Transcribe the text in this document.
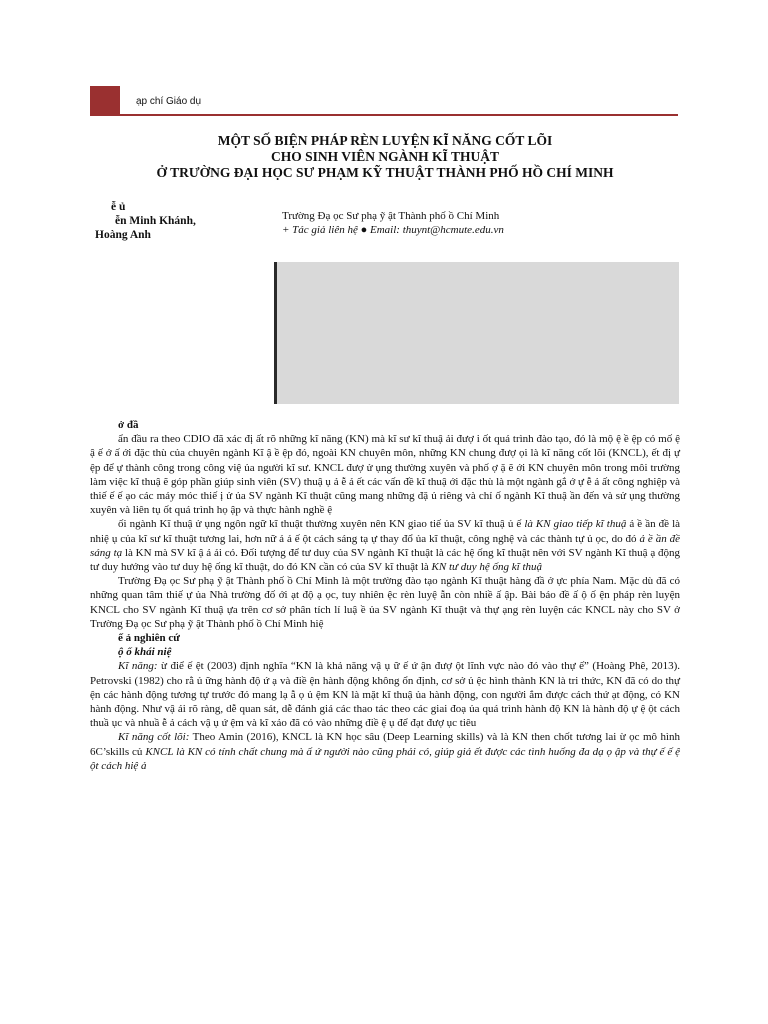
ạp chí Giáo dụ
MỘT SỐ BIỆN PHÁP RÈN LUYỆN KĨ NĂNG CỐT LÕI
CHO SINH VIÊN NGÀNH KĨ THUẬT
Ở TRƯỜNG ĐẠI HỌC SƯ PHẠM KỸ THUẬT THÀNH PHỐ HỒ CHÍ MINH
ễ ủ
ễn Minh Khánh,
Hoàng Anh
Trường Đạ ọc Sư phạ ỹ ật Thành phố ồ Chí Minh
+ Tác giả liên hệ ● Email: thuynt@hcmute.edu.vn

ở đầ

ẩn đầu ra theo CDIO đã xác đị ất rõ những kĩ năng (KN) mà kĩ sư kĩ thuậ ải đượ i ốt quá trình đào tạo, đó là mộ ệ ề ệp có mố ệ ậ ế ớ ấ ới đặc thù của chuyên ngành Kĩ ậ ề ệp đó, ngoài KN chuyên môn, những KN chung đượ ọi là kĩ năng cốt lõi (KNCL), ết đị ự ệp để ự thành công trong công việ ủa người kĩ sư. KNCL đượ ử ụng thường xuyên và phố ợ ặ ẽ ới KN chuyên môn trong môi trường làm việc kĩ thuậ ẽ góp phần giúp sinh viên (SV) thuậ ụ ả ễ ả ết các vấn đề kĩ thuậ ới đặc thù là một ngành gắ ớ ự ễ ả ất công nghiệp và thiế ế ế ạo các máy móc thiế ị ử ủa SV ngành Kĩ thuật cũng mang những đặ ủ riêng và chỉ ố ngành Kĩ thuậ ần đến và sử ụng thường xuyên và liên tụ ốt quá trình họ ập và thực hành nghề ệ

ối ngành Kĩ thuậ ử ụng ngôn ngữ kĩ thuật thường xuyên nên KN giao tiế ủa SV kĩ thuậ ủ ế là KN giao tiếp kĩ thuậ ả ề ần đề là nhiệ ụ của kĩ sư kĩ thuật tương lai, hơn nữ ả ả ế ột cách sáng tạ ự thay đổ ủa kĩ thuật, công nghệ và các thành tự ủ ọc, do đó ả ề ần đề sáng tạ là KN mà SV kĩ ậ ả ải có. Đối tượng để tư duy của SV ngành Kĩ thuật là các hệ ống kĩ thuật nên với SV ngành Kĩ thuậ ạ động tư duy hướng vào tư duy hệ ống kĩ thuật, do đó KN cần có của SV kĩ thuật là KN tư duy hệ ống kĩ thuậ

Trường Đạ ọc Sư phạ ỹ ật Thành phố ồ Chí Minh là một trường đào tạo ngành Kĩ thuật hàng đầ ở ực phía Nam. Mặc dù đã có những quan tâm thiế ự ủa Nhà trường đố ới ạt độ ạ ọc, tuy nhiên ệc rèn luyệ ẫn còn nhiề ấ ập. Bài báo đề ấ ộ ố ện pháp rèn luyện KNCL cho SV ngành Kĩ thuậ ựa trên cơ sở phân tích lí luậ ề ủa SV ngành Kĩ thuật và thự ạng rèn luyện các KNCL này cho SV ở Trường Đạ ọc Sư phạ ỹ ật Thành phố ồ Chí Minh hiệ

ế ả nghiên cứ

ộ ố khái niệ

Kĩ năng: ừ điể ế ệt (2003) định nghĩa “KN là khả năng vậ ụ ữ ế ứ ận đượ ột lĩnh vực nào đó vào thự ế” (Hoàng Phê, 2013). Petrovski (1982) cho rằ ủ ững hành độ ứ ạ và điề ện hành động không ổn định, cơ sở ủ ệc hình thành KN là tri thức, KN đã có do thự ện các hành động tương tự trước đó mang lạ ẫ ọ ủ ệm KN là mặt kĩ thuậ ủa hành động, con người ắm được cách thứ ạt động, có KN hành động. Như vậ ái rõ ràng, dễ quan sát, dễ đánh giá các thao tác theo các giai đoạ ủa quá trình hành độ KN là hành độ ự ệ ột cách thuầ ục và nhuầ ễ ả cách vậ ụ ứ ệm và kĩ xảo đã có vào những điề ệ ụ để đạt đượ ục tiêu

Kĩ năng cốt lõi: Theo Amin (2016), KNCL là KN học sâu (Deep Learning skills) và là KN then chốt tương lai ừ ọc mô hình 6C’skills củ KNCL là KN có tính chất chung mà ấ ứ người nào cũng phải có, giúp giả ết được các tình huống đa dạ ọ ập và thự ế ế ệ ột cách hiệ ả
